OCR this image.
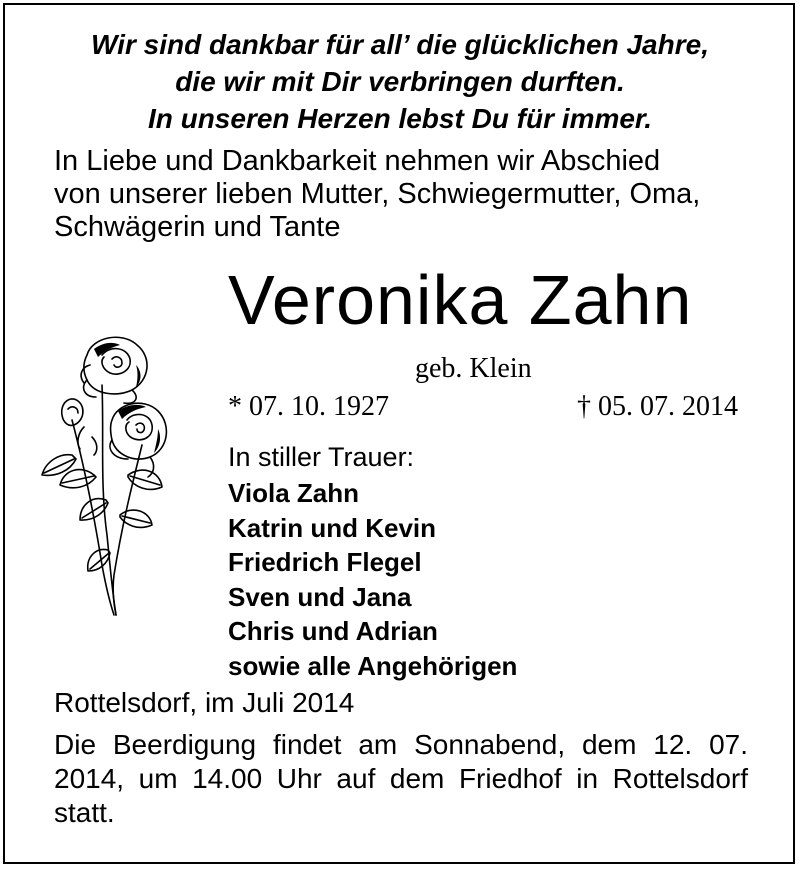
Wir sind dankbar für all’ die glücklichen Jahre,
die wir mit Dir verbringen durften.
In unseren Herzen lebst Du für immer.
In Liebe und Dankbarkeit nehmen wir Abschied
von unserer lieben Mutter, Schwiegermutter, Oma,
Schwägerin und Tante
Veronika Zahn
geb. Klein
* 07. 10. 1927	† 05. 07. 2014
In stiller Trauer:
Viola Zahn
Katrin und Kevin
Friedrich Flegel
Sven und Jana
Chris und Adrian
sowie alle Angehörigen
Rottelsdorf, im Juli 2014
Die Beerdigung findet am Sonnabend, dem 12. 07. 2014, um 14.00 Uhr auf dem Friedhof in Rottelsdorf statt.
